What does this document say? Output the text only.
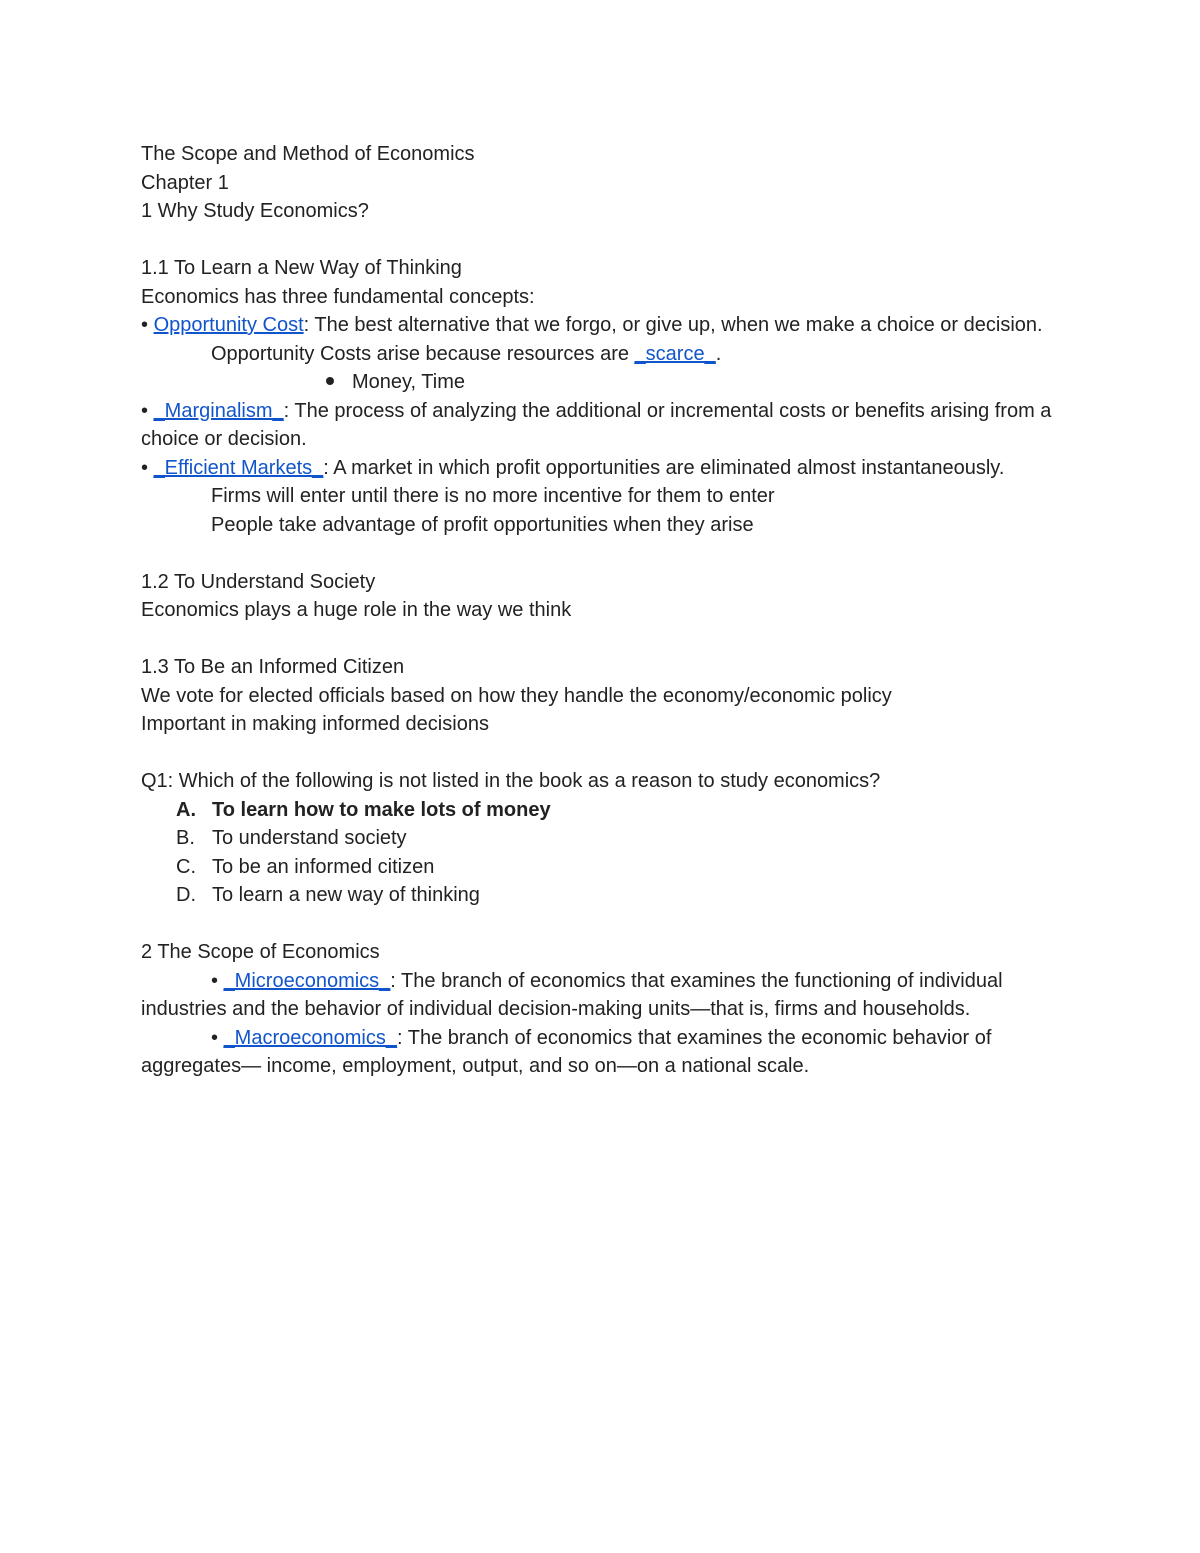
The Scope and Method of Economics
Chapter 1
1 Why Study Economics?
1.1 To Learn a New Way of Thinking
Economics has three fundamental concepts:
• Opportunity Cost: The best alternative that we forgo, or give up, when we make a choice or decision.
Opportunity Costs arise because resources are _scarce_.
Money, Time
• _Marginalism_: The process of analyzing the additional or incremental costs or benefits arising from a choice or decision.
• _Efficient Markets_: A market in which profit opportunities are eliminated almost instantaneously.
Firms will enter until there is no more incentive for them to enter
People take advantage of profit opportunities when they arise
1.2 To Understand Society
Economics plays a huge role in the way we think
1.3 To Be an Informed Citizen
We vote for elected officials based on how they handle the economy/economic policy
Important in making informed decisions
Q1: Which of the following is not listed in the book as a reason to study economics?
A. To learn how to make lots of money
B. To understand society
C. To be an informed citizen
D. To learn a new way of thinking
2 The Scope of Economics
• _Microeconomics_: The branch of economics that examines the functioning of individual industries and the behavior of individual decision-making units—that is, firms and households.
• _Macroeconomics_: The branch of economics that examines the economic behavior of aggregates— income, employment, output, and so on—on a national scale.
